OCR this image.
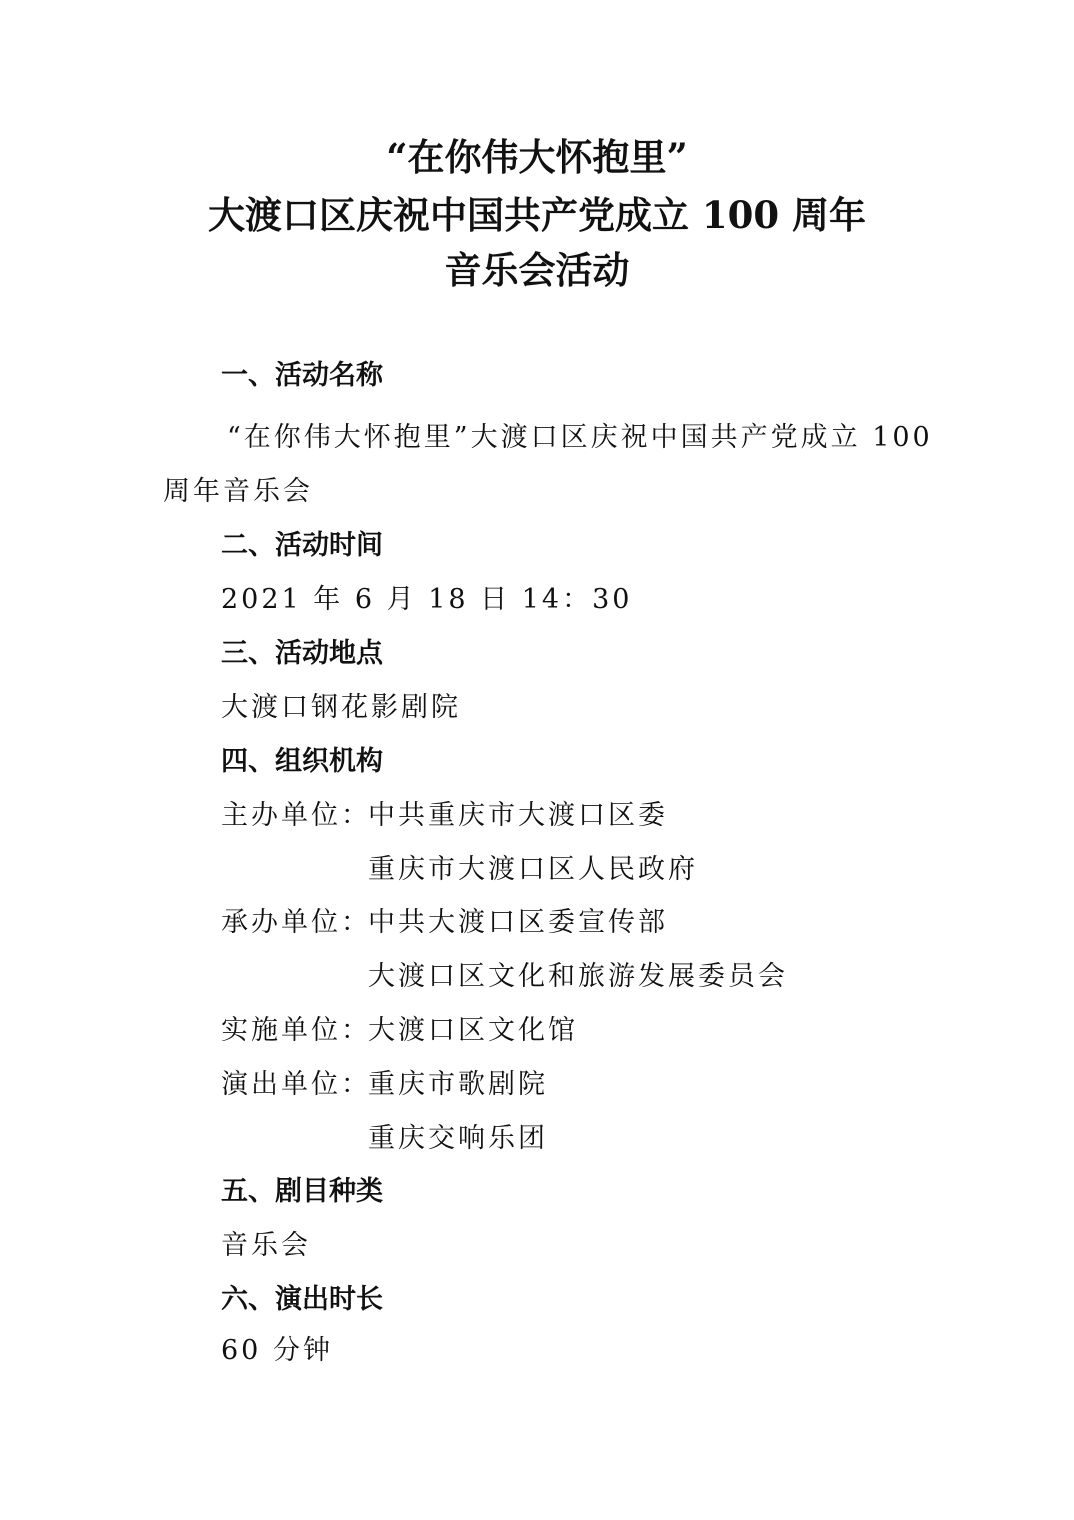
“在你伟大怀抱里”
大渡口区庆祝中国共产党成立 100 周年
音乐会活动
一、活动名称
“在你伟大怀抱里”大渡口区庆祝中国共产党成立 100
周年音乐会
二、活动时间
2021 年 6 月 18 日 14：30
三、活动地点
大渡口钢花影剧院
四、组织机构
主办单位：
中共重庆市大渡口区委
重庆市大渡口区人民政府
承办单位：
中共大渡口区委宣传部
大渡口区文化和旅游发展委员会
实施单位：
大渡口区文化馆
演出单位：
重庆市歌剧院
重庆交响乐团
五、剧目种类
音乐会
六、演出时长
60 分钟
